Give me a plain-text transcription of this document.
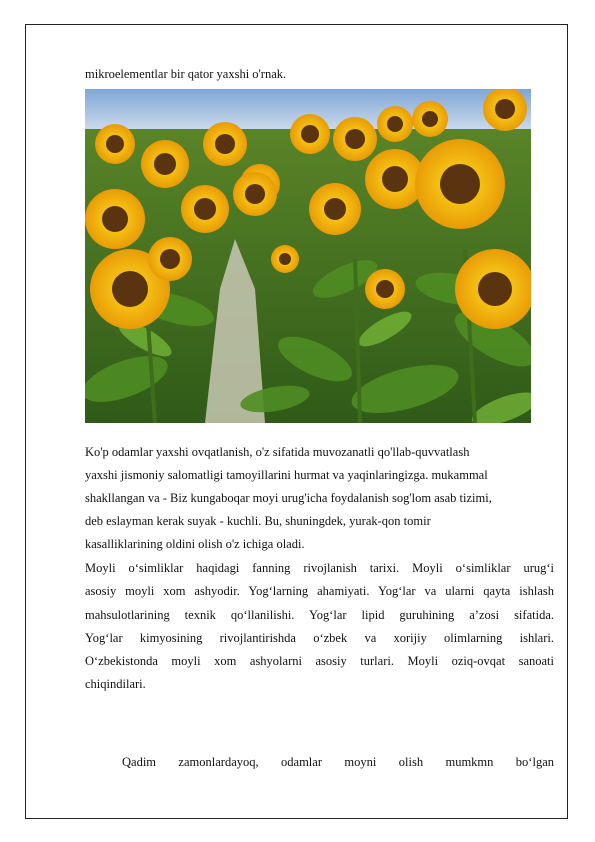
mikroelementlar bir qator yaxshi o'rnak.
Ko'p odamlar yaxshi ovqatlanish, o'z sifatida muvozanatli qo'llab-quvvatlash
yaxshi jismoniy salomatligi tamoyillarini hurmat va yaqinlaringizga. mukammal
shakllangan va - Biz kungaboqar moyi urug'icha foydalanish sog'lom asab tizimi,
deb eslayman kerak suyak - kuchli. Bu, shuningdek, yurak-qon tomir
kasalliklarining oldini olish o'z ichiga oladi.
Moyli o‘simliklar haqidagi fanning rivojlanish tarixi. Moyli o‘simliklar urug‘i
asosiy moyli xom ashyodir. Yog‘larning ahamiyati. Yog‘lar va ularni qayta ishlash
mahsulotlarining texnik qo‘llanilishi. Yog‘lar lipid guruhining a’zosi sifatida.
Yog‘lar kimyosining rivojlantirishda o‘zbek va xorijiy olimlarning ishlari.
O‘zbekistonda moyli xom ashyolarni asosiy turlari. Moyli oziq-ovqat sanoati
chiqindilari.
Qadim zamonlardayoq, odamlar moyni olish mumkmn bo‘lgan
